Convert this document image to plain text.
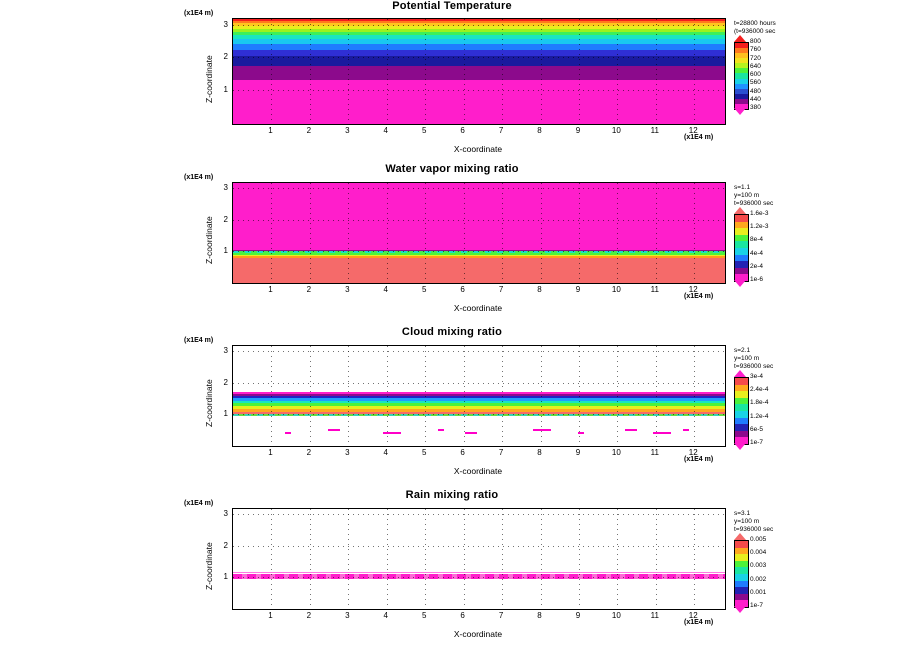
Potential Temperature
(x1E4 m)
1	2	3	4	5	6	7	8	9	10	11	12
1
2
3
X-coordinate
(x1E4 m)
Z-coordinate
t=28800 hours
(t=936000 sec
800
760
720
640
600
560
480
440
380
Water vapor mixing ratio
(x1E4 m)
1	2	3	4	5	6	7	8	9	10	11	12
1
2
3
X-coordinate
(x1E4 m)
Z-coordinate
s=1.1
y=100 m
t=936000 sec
1.6e-3
1.2e-3
8e-4
4e-4
2e-4
1e-6
Cloud mixing ratio
(x1E4 m)
1	2	3	4	5	6	7	8	9	10	11	12
1
2
3
X-coordinate
(x1E4 m)
Z-coordinate
s=2.1
y=100 m
t=936000 sec
3e-4
2.4e-4
1.8e-4
1.2e-4
6e-5
1e-7
Rain mixing ratio
(x1E4 m)
1	2	3	4	5	6	7	8	9	10	11	12
1
2
3
X-coordinate
(x1E4 m)
Z-coordinate
s=3.1
y=100 m
t=936000 sec
0.005
0.004
0.003
0.002
0.001
1e-7
